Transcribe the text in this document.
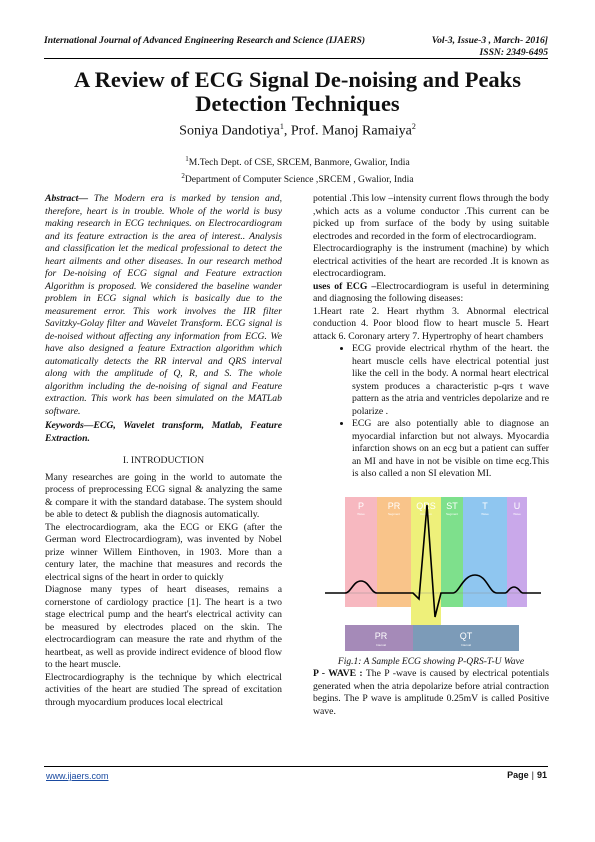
International Journal of Advanced Engineering Research and Science (IJAERS)	Vol-3, Issue-3 , March- 2016]
ISSN: 2349-6495
A Review of ECG Signal De-noising and Peaks Detection Techniques
Soniya Dandotiya$^1$, Prof. Manoj Ramaiya$^2$
$^1$M.Tech Dept. of CSE, SRCEM, Banmore, Gwalior, India
$^2$Department of Computer Science ,SRCEM , Gwalior, India

Abstract— The Modern era is marked by tension and, therefore, heart is in trouble. Whole of the world is busy making research in ECG techniques. on Electrocardiogram and its feature extraction is the area of interest.. Analysis and classification let the medical professional to detect the heart ailments and other diseases. In our research method for De-noising of ECG signal and Feature extraction Algorithm is proposed. We considered the baseline wander problem in ECG signal which is basically due to the measurement error. This work involves the IIR filter Savitzky-Golay filter and Wavelet Transform. ECG signal is de-noised without affecting any information from ECG. We have also designed a feature Extraction algorithm which automatically detects the RR interval and QRS interval along with the amplitude of Q, R, and S. The whole algorithm including the de-noising of signal and Feature extraction. This work has been simulated on the MATLab software.

Keywords—ECG, Wavelet transform, Matlab, Feature Extraction.

I. INTRODUCTION

Many researches are going in the world to automate the process of preprocessing ECG signal & analyzing the same & compare it with the standard database. The system should be able to detect & publish the diagnosis automatically.

The electrocardiogram, aka the ECG or EKG (after the German word Electrocardiogram), was invented by Nobel prize winner Willem Einthoven, in 1903. More than a century later, the machine that measures and records the electrical signs of the heart in order to quickly

Diagnose many types of heart diseases, remains a cornerstone of cardiology practice [1]. The heart is a two stage electrical pump and the heart's electrical activity can be measured by electrodes placed on the skin. The electrocardiogram can measure the rate and rhythm of the heartbeat, as well as provide indirect evidence of blood flow to the heart muscle.

Electrocardiography is the technique by which electrical activities of the heart are studied The spread of excitation through myocardium produces local electrical

potential .This low –intensity current flows through the body ,which acts as a volume conductor .This current can be picked up from surface of the body by using suitable electrodes and recorded in the form of electrocardiogram.

Electrocardiography is the instrument (machine) by which electrical activities of the heart are recorded .It is known as electrocardiogram.

uses of ECG –Electrocardiogram is useful in determining and diagnosing the following diseases:

1.Heart rate 2. Heart rhythm 3. Abnormal electrical conduction 4. Poor blood flow to heart muscle 5. Heart attack 6. Coronary artery 7. Hypertrophy of heart chambers

• ECG provide electrical rhythm of the heart. the heart muscle cells have electrical potential just like the cell in the body. A normal heart electrical system produces a characteristic p-qrs t wave pattern as the atria and ventricles depolarize and re polarize .
• ECG are also potentially able to diagnose an myocardial infarction but not always. Myocardia infarction shows on an ecg but a patient can suffer an MI and have in not be visible on time ecg.This is also called a non SI elevation MI.
P
Wave
PR
Segment
QRS
Complex
ST
Segment
T
Wave
U
Wave
PR
Interval
QT
Interval
Fig.1: A Sample ECG showing P-QRS-T-U Wave

P - WAVE : The P -wave is caused by electrical potentials generated when the atria depolarize before atrial contraction begins. The P wave is amplitude 0.25mV is called Positive wave.

www.ijaers.com	Page | 91
